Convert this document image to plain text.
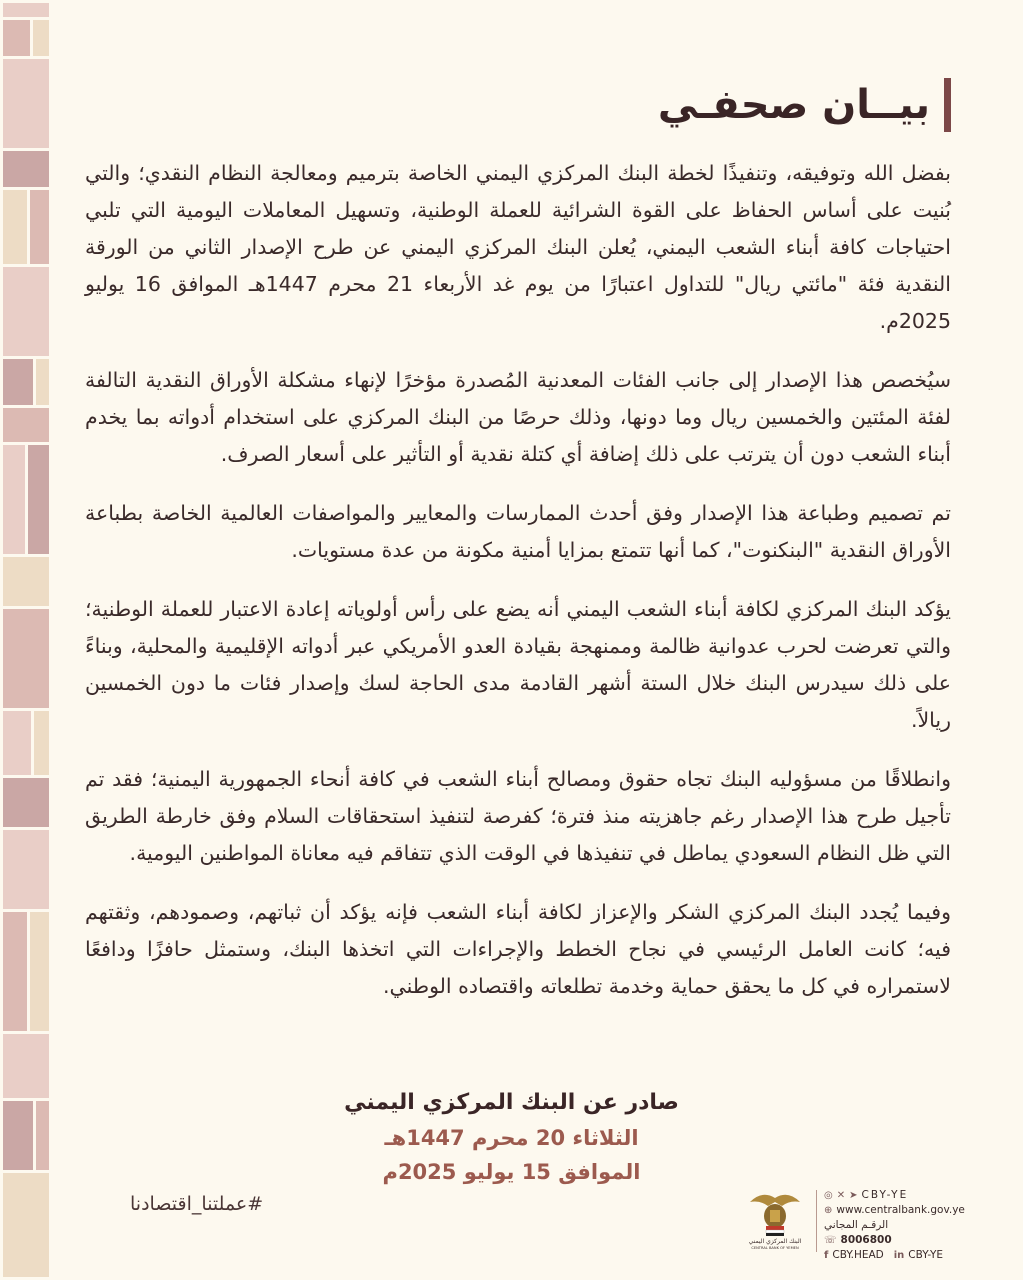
بيــان صحفـي

بفضل الله وتوفيقه، وتنفيذًا لخطة البنك المركزي اليمني الخاصة بترميم ومعالجة النظام النقدي؛ والتي بُنيت على أساس الحفاظ على القوة الشرائية للعملة الوطنية، وتسهيل المعاملات اليومية التي تلبي احتياجات كافة أبناء الشعب اليمني، يُعلن البنك المركزي اليمني عن طرح الإصدار الثاني من الورقة النقدية فئة "مائتي ريال" للتداول اعتبارًا من يوم غد الأربعاء 21 محرم 1447هـ الموافق 16 يوليو 2025م.

سيُخصص هذا الإصدار إلى جانب الفئات المعدنية المُصدرة مؤخرًا لإنهاء مشكلة الأوراق النقدية التالفة لفئة المئتين والخمسين ريال وما دونها، وذلك حرصًا من البنك المركزي على استخدام أدواته بما يخدم أبناء الشعب دون أن يترتب على ذلك إضافة أي كتلة نقدية أو التأثير على أسعار الصرف.

تم تصميم وطباعة هذا الإصدار وفق أحدث الممارسات والمعايير والمواصفات العالمية الخاصة بطباعة الأوراق النقدية "البنكنوت"، كما أنها تتمتع بمزايا أمنية مكونة من عدة مستويات.

يؤكد البنك المركزي لكافة أبناء الشعب اليمني أنه يضع على رأس أولوياته إعادة الاعتبار للعملة الوطنية؛ والتي تعرضت لحرب عدوانية ظالمة وممنهجة بقيادة العدو الأمريكي عبر أدواته الإقليمية والمحلية، وبناءً على ذلك سيدرس البنك خلال الستة أشهر القادمة مدى الحاجة لسك وإصدار فئات ما دون الخمسين ريالاً.

وانطلاقًا من مسؤوليه البنك تجاه حقوق ومصالح أبناء الشعب في كافة أنحاء الجمهورية اليمنية؛ فقد تم تأجيل طرح هذا الإصدار رغم جاهزيته منذ فترة؛ كفرصة لتنفيذ استحقاقات السلام وفق خارطة الطريق التي ظل النظام السعودي يماطل في تنفيذها في الوقت الذي تتفاقم فيه معاناة المواطنين اليومية.

وفيما يُجدد البنك المركزي الشكر والإعزاز لكافة أبناء الشعب فإنه يؤكد أن ثباتهم، وصمودهم، وثقتهم فيه؛ كانت العامل الرئيسي في نجاح الخطط والإجراءات التي اتخذها البنك، وستمثل حافزًا ودافعًا لاستمراره في كل ما يحقق حماية وخدمة تطلعاته واقتصاده الوطني.

صادر عن البنك المركزي اليمني
الثلاثاء 20 محرم 1447هـ
الموافق 15 يوليو 2025م
#عملتنا_اقتصادنا
البنك المركزي اليمني
CENTRAL BANK OF YEMEN
◎ ✕ ➤ CBY-YE
⊕ www.centralbank.gov.ye
الرقـم المجاني
☏ 8006800
f CBY.HEAD in CBY-YE
